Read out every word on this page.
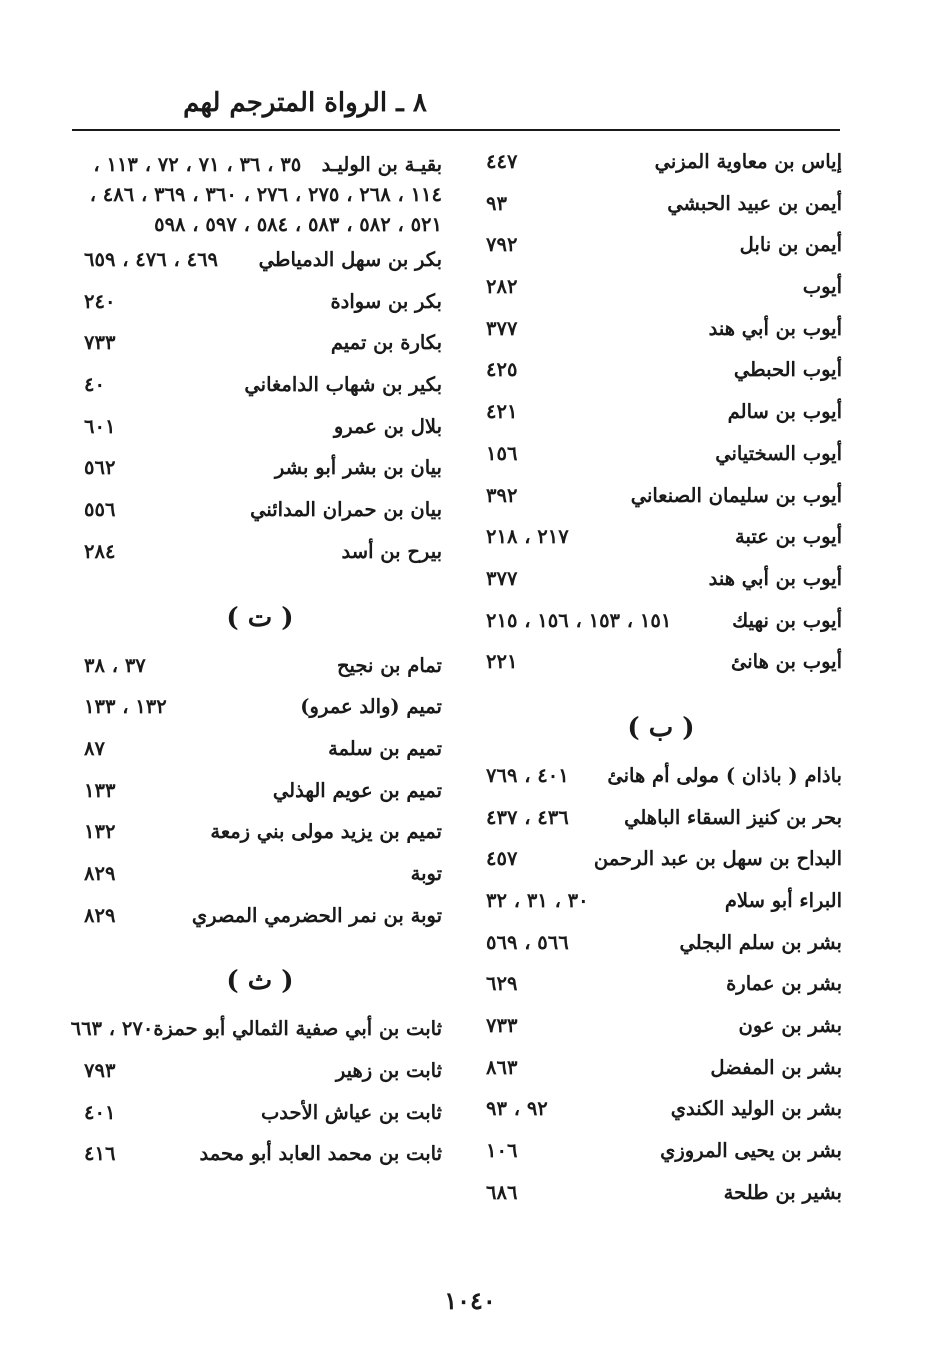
٨ ـ الرواة المترجم لهم
إياس بن معاوية المزني
٤٤٧
أيمن بن عبيد الحبشي
٩٣
أيمن بن نابل
٧٩٢
أيوب
٢٨٢
أيوب بن أبي هند
٣٧٧
أيوب الحبطي
٤٢٥
أيوب بن سالم
٤٢١
أيوب السختياني
١٥٦
أيوب بن سليمان الصنعاني
٣٩٢
أيوب بن عتبة
٢١٧ ، ٢١٨
أيوب بن أبي هند
٣٧٧
أيوب بن نهيك
١٥١ ، ١٥٣ ، ١٥٦ ، ٢١٥
أيوب بن هانئ
٢٢١
( ب )
باذام ( باذان ) مولى أم هانئ
٤٠١ ، ٧٦٩
بحر بن كنيز السقاء الباهلي
٤٣٦ ، ٤٣٧
البداح بن سهل بن عبد الرحمن
٤٥٧
البراء أبو سلام
٣٠ ، ٣١ ، ٣٢
بشر بن سلم البجلي
٥٦٦ ، ٥٦٩
بشر بن عمارة
٦٢٩
بشر بن عون
٧٣٣
بشر بن المفضل
٨٦٣
بشر بن الوليد الكندي
٩٢ ، ٩٣
بشر بن يحيى المروزي
١٠٦
بشير بن طلحة
٦٨٦
بقيـة بن الوليـد   ٣٥ ، ٣٦ ، ٧١ ، ٧٢ ، ١١٣ ، ١١٤ ، ٢٦٨ ، ٢٧٥ ، ٢٧٦ ، ٣٦٠ ، ٣٦٩ ، ٤٨٦ ، ٥٢١ ، ٥٨٢ ، ٥٨٣ ، ٥٨٤ ، ٥٩٧ ، ٥٩٨
بكر بن سهل الدمياطي
٤٦٩ ، ٤٧٦ ، ٦٥٩
بكر بن سوادة
٢٤٠
بكارة بن تميم
٧٣٣
بكير بن شهاب الدامغاني
٤٠
بلال بن عمرو
٦٠١
بيان بن بشر أبو بشر
٥٦٢
بيان بن حمران المدائني
٥٥٦
بيرح بن أسد
٢٨٤
( ت )
تمام بن نجيح
٣٧ ، ٣٨
تميم (والد عمرو)
١٣٢ ، ١٣٣
تميم بن سلمة
٨٧
تميم بن عويم الهذلي
١٣٣
تميم بن يزيد مولى بني زمعة
١٣٢
توبة
٨٢٩
توبة بن نمر الحضرمي المصري
٨٢٩
( ث )
ثابت بن أبي صفية الثمالي أبو حمزة
٢٧٠ ، ٦٦٣
ثابت بن زهير
٧٩٣
ثابت بن عياش الأحدب
٤٠١
ثابت بن محمد العابد أبو محمد
٤١٦
١٠٤٠
